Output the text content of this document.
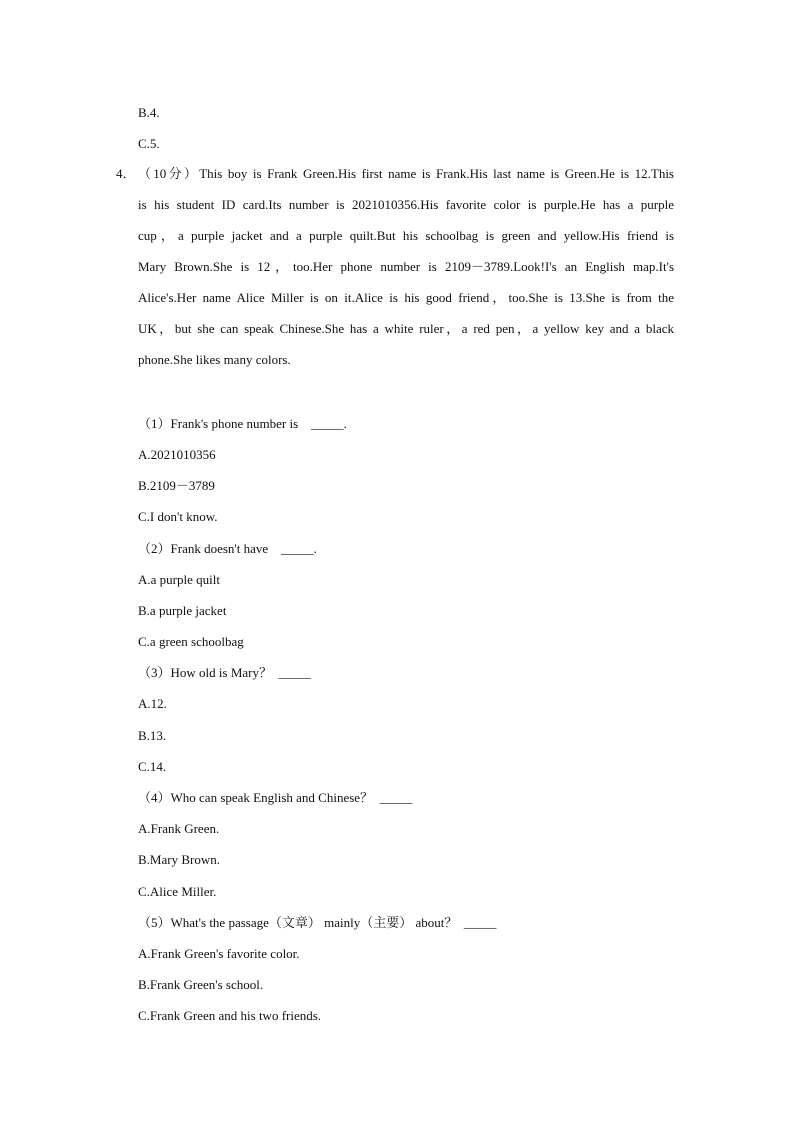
B.4.
C.5.
4． （10分）This boy is Frank Green.His first name is Frank.His last name is Green.He is 12.This
is his student ID card.Its number is 2021010356.His favorite color is purple.He has a purple
cup，a purple jacket and a purple quilt.But his schoolbag is green and yellow.His friend is
Mary Brown.She is 12，too.Her phone number is 2109－3789.Look!I's an English map.It's
Alice's.Her name Alice Miller is on it.Alice is his good friend，too.She is 13.She is from the
UK，but she can speak Chinese.She has a white ruler，a red pen，a yellow key and a black
phone.She likes many colors.
（1）Frank's phone number is    _____.
A.2021010356
B.2109－3789
C.I don't know.
（2）Frank doesn't have    _____.
A.a purple quilt
B.a purple jacket
C.a green schoolbag
（3）How old is Mary？ _____
A.12.
B.13.
C.14.
（4）Who can speak English and Chinese？ _____
A.Frank Green.
B.Mary Brown.
C.Alice Miller.
（5）What's the passage（文章） mainly（主要） about？ _____
A.Frank Green's favorite color.
B.Frank Green's school.
C.Frank Green and his two friends.
